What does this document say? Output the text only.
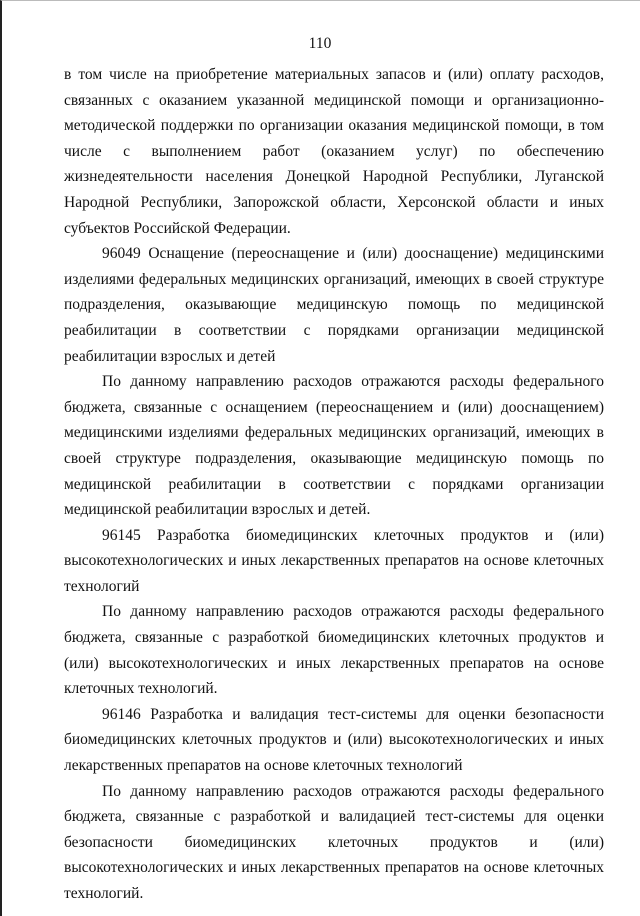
110

в том числе на приобретение материальных запасов и (или) оплату расходов, связанных с оказанием указанной медицинской помощи и организационно-методической поддержки по организации оказания медицинской помощи, в том числе с выполнением работ (оказанием услуг) по обеспечению жизнедеятельности населения Донецкой Народной Республики, Луганской Народной Республики, Запорожской области, Херсонской области и иных субъектов Российской Федерации.

96049 Оснащение (переоснащение и (или) дооснащение) медицинскими изделиями федеральных медицинских организаций, имеющих в своей структуре подразделения, оказывающие медицинскую помощь по медицинской реабилитации в соответствии с порядками организации медицинской реабилитации взрослых и детей

По данному направлению расходов отражаются расходы федерального бюджета, связанные с оснащением (переоснащением и (или) дооснащением) медицинскими изделиями федеральных медицинских организаций, имеющих в своей структуре подразделения, оказывающие медицинскую помощь по медицинской реабилитации в соответствии с порядками организации медицинской реабилитации взрослых и детей.

96145 Разработка биомедицинских клеточных продуктов и (или) высокотехнологических и иных лекарственных препаратов на основе клеточных технологий

По данному направлению расходов отражаются расходы федерального бюджета, связанные с разработкой биомедицинских клеточных продуктов и (или) высокотехнологических и иных лекарственных препаратов на основе клеточных технологий.

96146 Разработка и валидация тест-системы для оценки безопасности биомедицинских клеточных продуктов и (или) высокотехнологических и иных лекарственных препаратов на основе клеточных технологий

По данному направлению расходов отражаются расходы федерального бюджета, связанные с разработкой и валидацией тест-системы для оценки безопасности биомедицинских клеточных продуктов и (или) высокотехнологических и иных лекарственных препаратов на основе клеточных технологий.
